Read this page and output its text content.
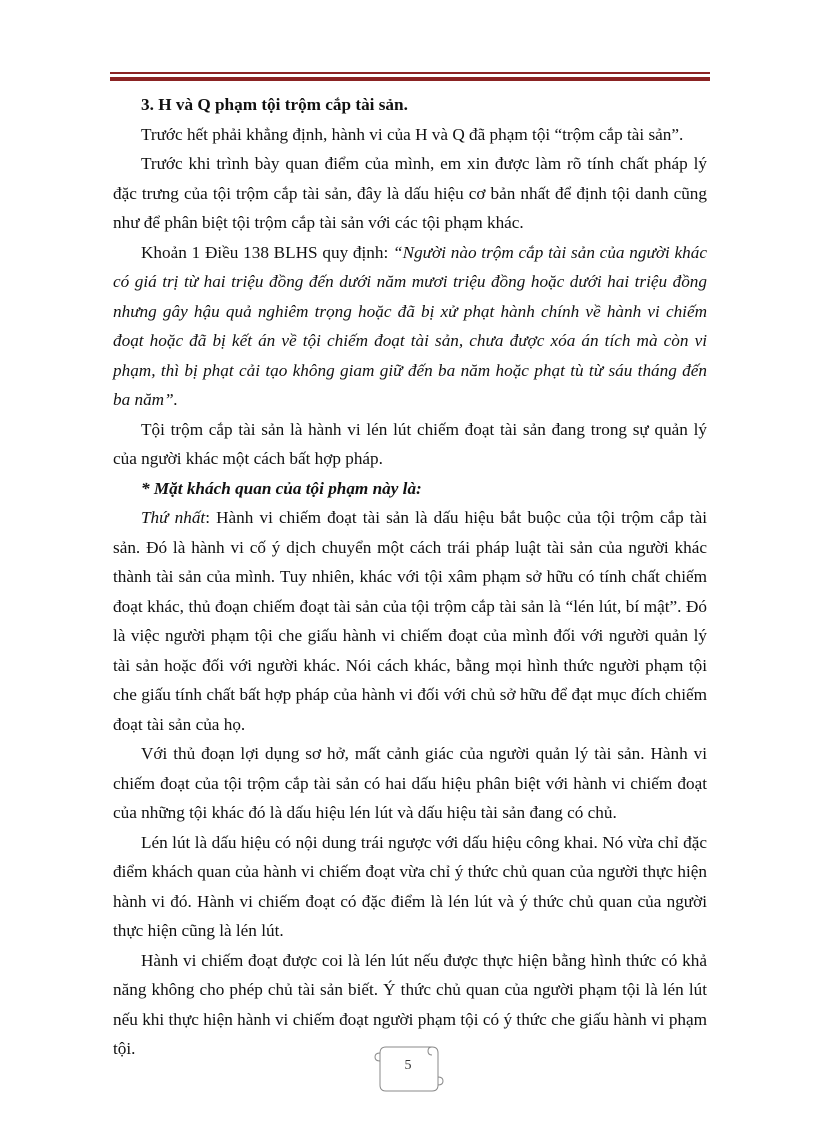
3. H và Q phạm tội trộm cắp tài sản.

Trước hết phải khẳng định, hành vi của H và Q đã phạm tội “trộm cắp tài sản”.

Trước khi trình bày quan điểm của mình, em xin được làm rõ tính chất pháp lý đặc trưng của tội trộm cắp tài sản, đây là dấu hiệu cơ bản nhất để định tội danh cũng như để phân biệt tội trộm cắp tài sản với các tội phạm khác.

Khoản 1 Điều 138 BLHS quy định: “Người nào trộm cắp tài sản của người khác có giá trị từ hai triệu đồng đến dưới năm mươi triệu đồng hoặc dưới hai triệu đồng nhưng gây hậu quả nghiêm trọng hoặc đã bị xử phạt hành chính về hành vi chiếm đoạt hoặc đã bị kết án về tội chiếm đoạt tài sản, chưa được xóa án tích mà còn vi phạm, thì bị phạt cải tạo không giam giữ đến ba năm hoặc phạt tù từ sáu tháng đến ba năm”.

Tội trộm cắp tài sản là hành vi lén lút chiếm đoạt tài sản đang trong sự quản lý của người khác một cách bất hợp pháp.

* Mặt khách quan của tội phạm này là:

Thứ nhất: Hành vi chiếm đoạt tài sản là dấu hiệu bắt buộc của tội trộm cắp tài sản. Đó là hành vi cố ý dịch chuyển một cách trái pháp luật tài sản của người khác thành tài sản của mình. Tuy nhiên, khác với tội xâm phạm sở hữu có tính chất chiếm đoạt khác, thủ đoạn chiếm đoạt tài sản của tội trộm cắp tài sản là “lén lút, bí mật”. Đó là việc người phạm tội che giấu hành vi chiếm đoạt của mình đối với người quản lý tài sản hoặc đối với người khác. Nói cách khác, bằng mọi hình thức người phạm tội che giấu tính chất bất hợp pháp của hành vi đối với chủ sở hữu để đạt mục đích chiếm đoạt tài sản của họ.

Với thủ đoạn lợi dụng sơ hở, mất cảnh giác của người quản lý tài sản. Hành vi chiếm đoạt của tội trộm cắp tài sản có hai dấu hiệu phân biệt với hành vi chiếm đoạt của những tội khác đó là dấu hiệu lén lút và dấu hiệu tài sản đang có chủ.

Lén lút là dấu hiệu có nội dung trái ngược với dấu hiệu công khai. Nó vừa chỉ đặc điểm khách quan của hành vi chiếm đoạt vừa chỉ ý thức chủ quan của người thực hiện hành vi đó. Hành vi chiếm đoạt có đặc điểm là lén lút và ý thức chủ quan của người thực hiện cũng là lén lút.

Hành vi chiếm đoạt được coi là lén lút nếu được thực hiện bằng hình thức có khả năng không cho phép chủ tài sản biết. Ý thức chủ quan của người phạm tội là lén lút nếu khi thực hiện hành vi chiếm đoạt người phạm tội có ý thức che giấu hành vi phạm tội.

5
